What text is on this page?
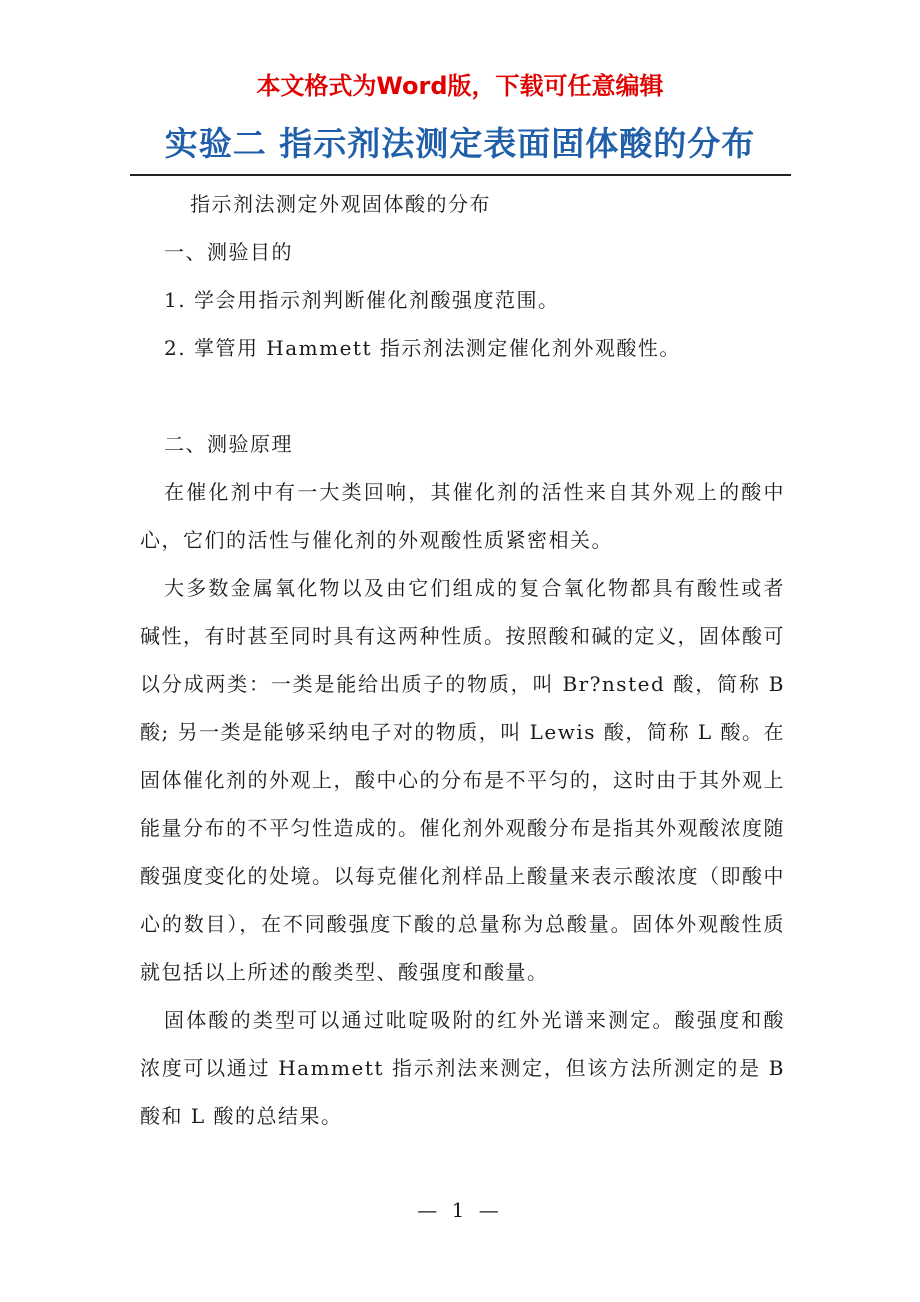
本文格式为Word版，下载可任意编辑
实验二 指示剂法测定表面固体酸的分布

指示剂法测定外观固体酸的分布

一、测验目的

1. 学会用指示剂判断催化剂酸强度范围。

2. 掌管用 Hammett 指示剂法测定催化剂外观酸性。

二、测验原理

在催化剂中有一大类回响，其催化剂的活性来自其外观上的酸中心，它们的活性与催化剂的外观酸性质紧密相关。

大多数金属氧化物以及由它们组成的复合氧化物都具有酸性或者碱性，有时甚至同时具有这两种性质。按照酸和碱的定义，固体酸可以分成两类：一类是能给出质子的物质，叫 Br?nsted 酸，简称 B 酸; 另一类是能够采纳电子对的物质，叫 Lewis 酸，简称 L 酸。在固体催化剂的外观上，酸中心的分布是不平匀的，这时由于其外观上能量分布的不平匀性造成的。催化剂外观酸分布是指其外观酸浓度随酸强度变化的处境。以每克催化剂样品上酸量来表示酸浓度（即酸中心的数目），在不同酸强度下酸的总量称为总酸量。固体外观酸性质就包括以上所述的酸类型、酸强度和酸量。

固体酸的类型可以通过吡啶吸附的红外光谱来测定。酸强度和酸浓度可以通过 Hammett 指示剂法来测定，但该方法所测定的是 B 酸和 L 酸的总结果。

— 1 —
